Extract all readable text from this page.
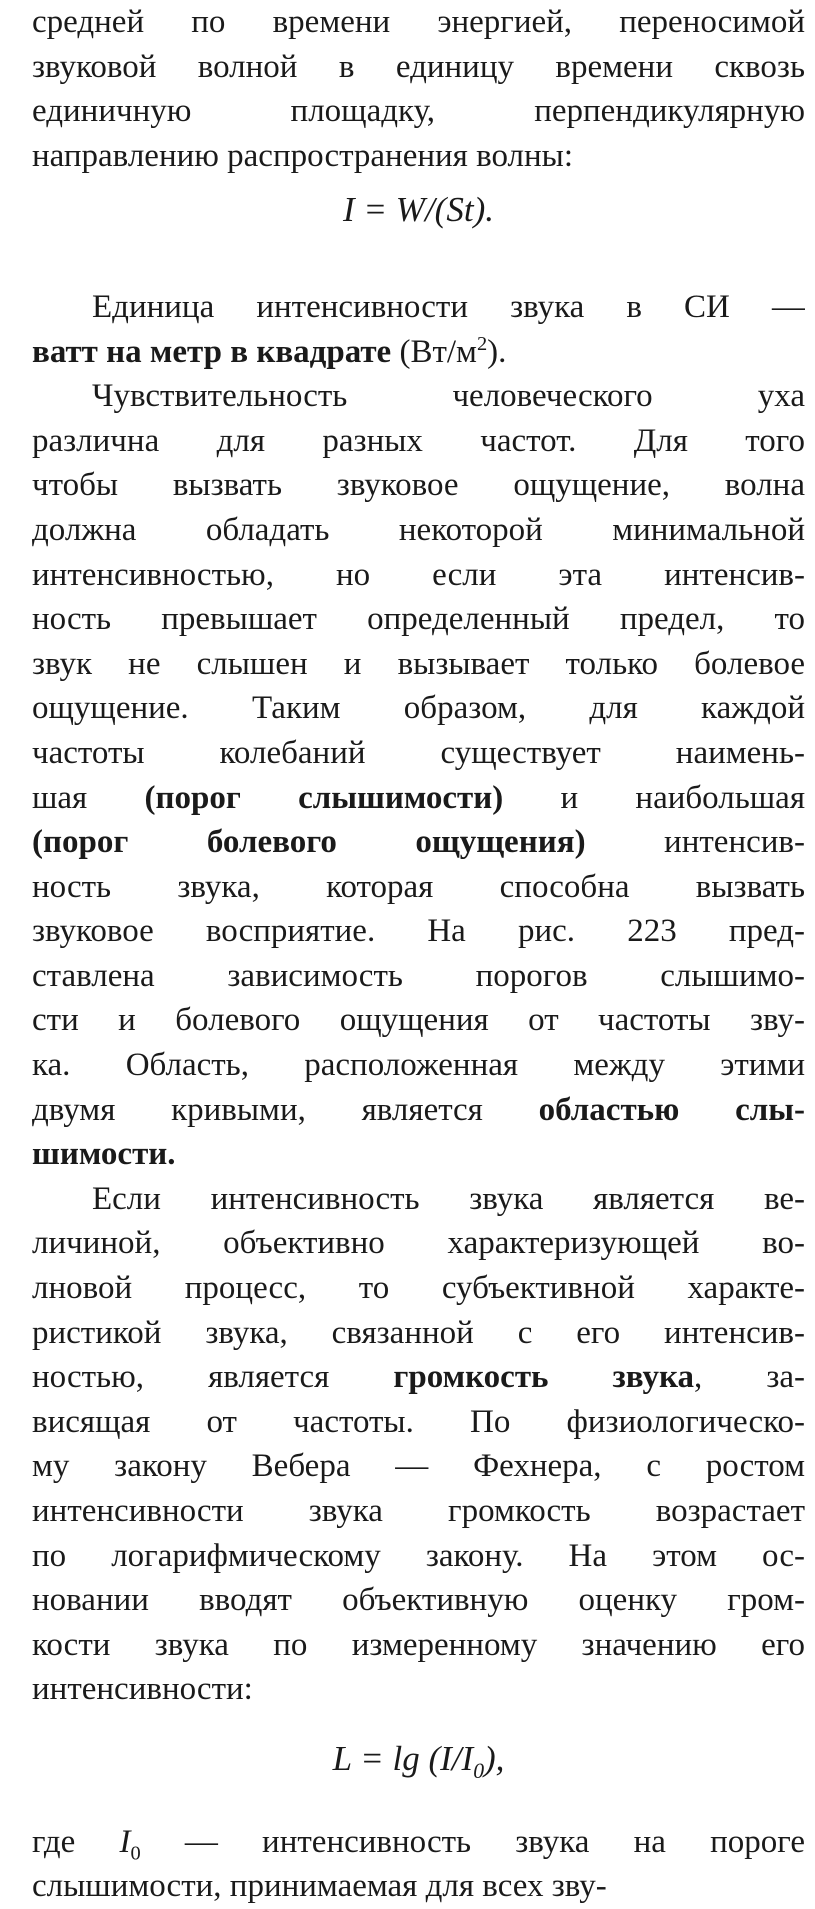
средней по времени энергией, переносимой
звуковой волной в единицу времени сквозь
единичную площадку, перпендикулярную
направлению распространения волны:

I = W/(St).

Единица интенсивности звука в СИ —
ватт на метр в квадрате $(Вт/м^2)$.

Чувствительность человеческого уха
различна для разных частот. Для того
чтобы вызвать звуковое ощущение, волна
должна обладать некоторой минимальной
интенсивностью, но если эта интенсив-
ность превышает определенный предел, то
звук не слышен и вызывает только болевое
ощущение. Таким образом, для каждой
частоты колебаний существует наимень-
шая (порог слышимости) и наибольшая
(порог болевого ощущения) интенсив-
ность звука, которая способна вызвать
звуковое восприятие. На рис. 223 пред-
ставлена зависимость порогов слышимо-
сти и болевого ощущения от частоты зву-
ка. Область, расположенная между этими
двумя кривыми, является областью слы-
шимости.

Если интенсивность звука является ве-
личиной, объективно характеризующей во-
лновой процесс, то субъективной характе-
ристикой звука, связанной с его интенсив-
ностью, является громкость звука, за-
висящая от частоты. По физиологическо-
му закону Вебера — Фехнера, с ростом
интенсивности звука громкость возрастает
по логарифмическому закону. На этом ос-
новании вводят объективную оценку гром-
кости звука по измеренному значению его
интенсивности:

$L = \lg (I/I_0)$,

где $I_0$ — интенсивность звука на пороге
слышимости, принимаемая для всех зву-
